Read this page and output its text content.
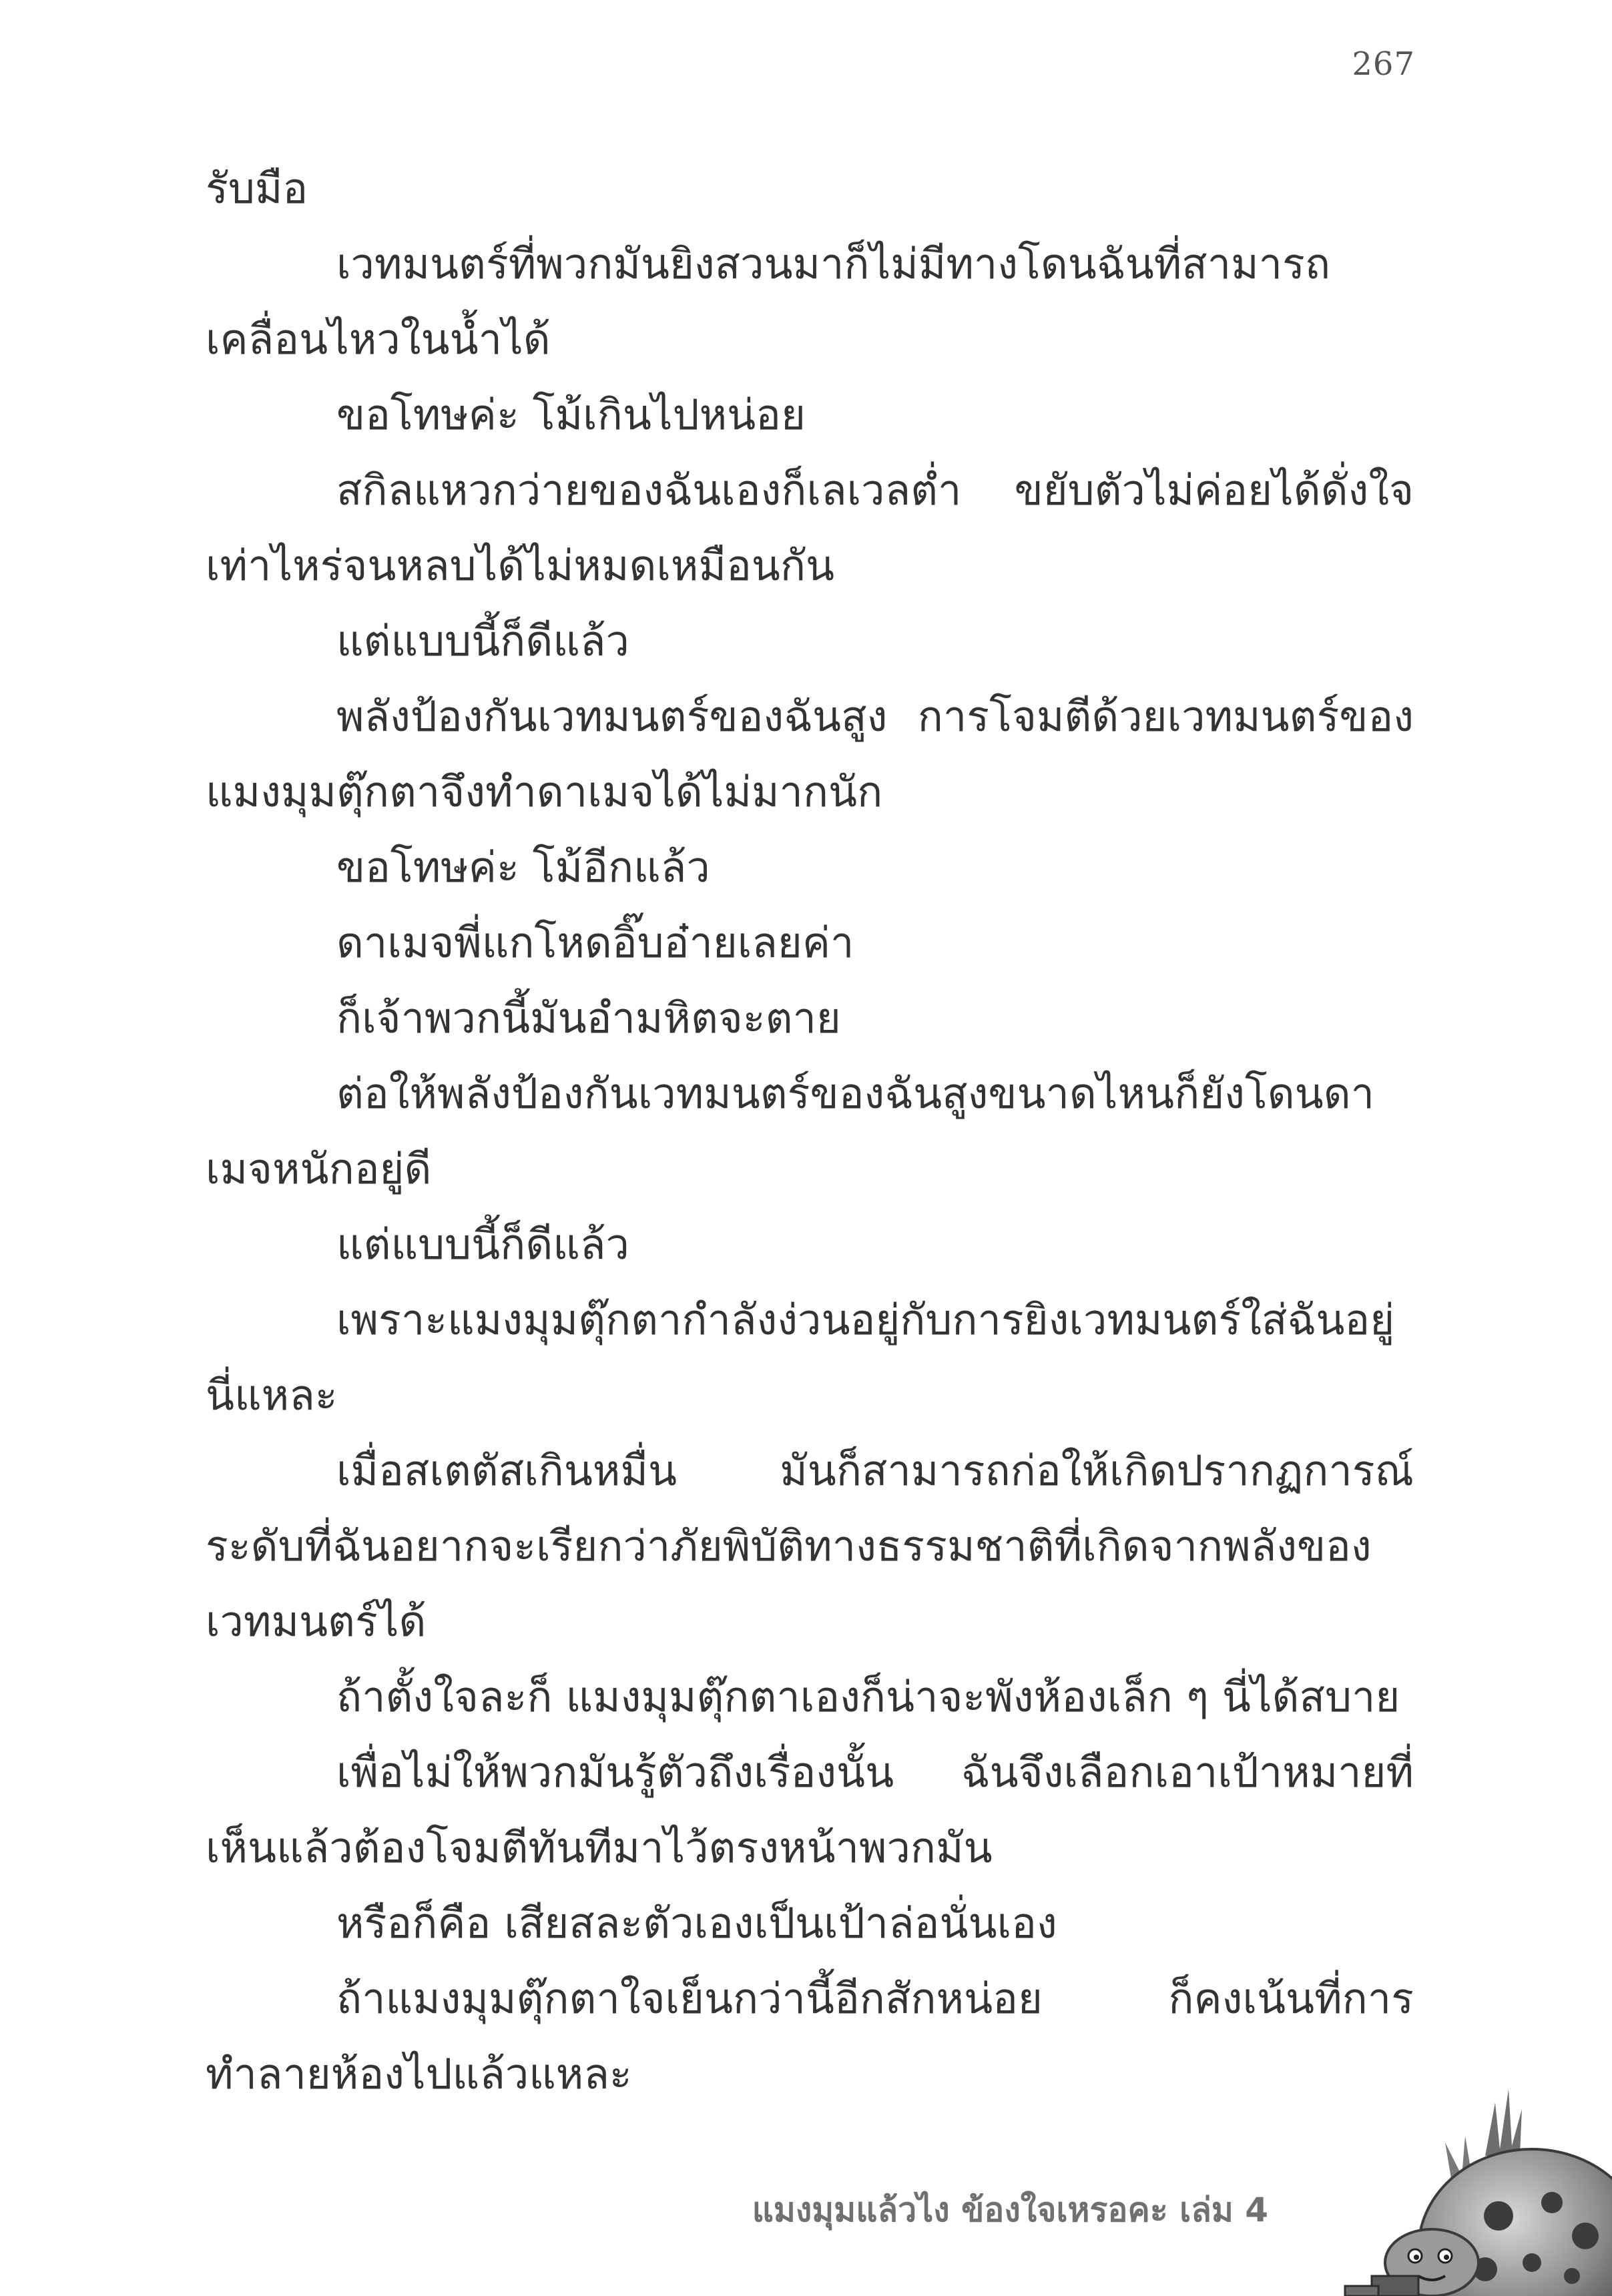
267

รับมือ

เวทมนตร์ที่พวกมันยิงสวนมาก็ไม่มีทางโดนฉันที่สามารถเคลื่อนไหวในน้ำได้

ขอโทษค่ะ โม้เกินไปหน่อย

สกิลแหวกว่ายของฉันเองก็เลเวลต่ำ ขยับตัวไม่ค่อยได้ดั่งใจเท่าไหร่จนหลบได้ไม่หมดเหมือนกัน

แต่แบบนี้ก็ดีแล้ว

พลังป้องกันเวทมนตร์ของฉันสูง การโจมตีด้วยเวทมนตร์ของแมงมุมตุ๊กตาจึงทำดาเมจได้ไม่มากนัก

ขอโทษค่ะ โม้อีกแล้ว

ดาเมจพี่แกโหดอิ๊บอ๋ายเลยค่า

ก็เจ้าพวกนี้มันอำมหิตจะตาย

ต่อให้พลังป้องกันเวทมนตร์ของฉันสูงขนาดไหนก็ยังโดนดาเมจหนักอยู่ดี

แต่แบบนี้ก็ดีแล้ว

เพราะแมงมุมตุ๊กตากำลังง่วนอยู่กับการยิงเวทมนตร์ใส่ฉันอยู่นี่แหละ

เมื่อสเตตัสเกินหมื่น มันก็สามารถก่อให้เกิดปรากฏการณ์ระดับที่ฉันอยากจะเรียกว่าภัยพิบัติทางธรรมชาติที่เกิดจากพลังของเวทมนตร์ได้

ถ้าตั้งใจละก็ แมงมุมตุ๊กตาเองก็น่าจะพังห้องเล็ก ๆ นี่ได้สบาย

เพื่อไม่ให้พวกมันรู้ตัวถึงเรื่องนั้น ฉันจึงเลือกเอาเป้าหมายที่เห็นแล้วต้องโจมตีทันทีมาไว้ตรงหน้าพวกมัน

หรือก็คือ เสียสละตัวเองเป็นเป้าล่อนั่นเอง

ถ้าแมงมุมตุ๊กตาใจเย็นกว่านี้อีกสักหน่อย ก็คงเน้นที่การทำลายห้องไปแล้วแหละ

แมงมุมแล้วไง ข้องใจเหรอคะ เล่ม 4
